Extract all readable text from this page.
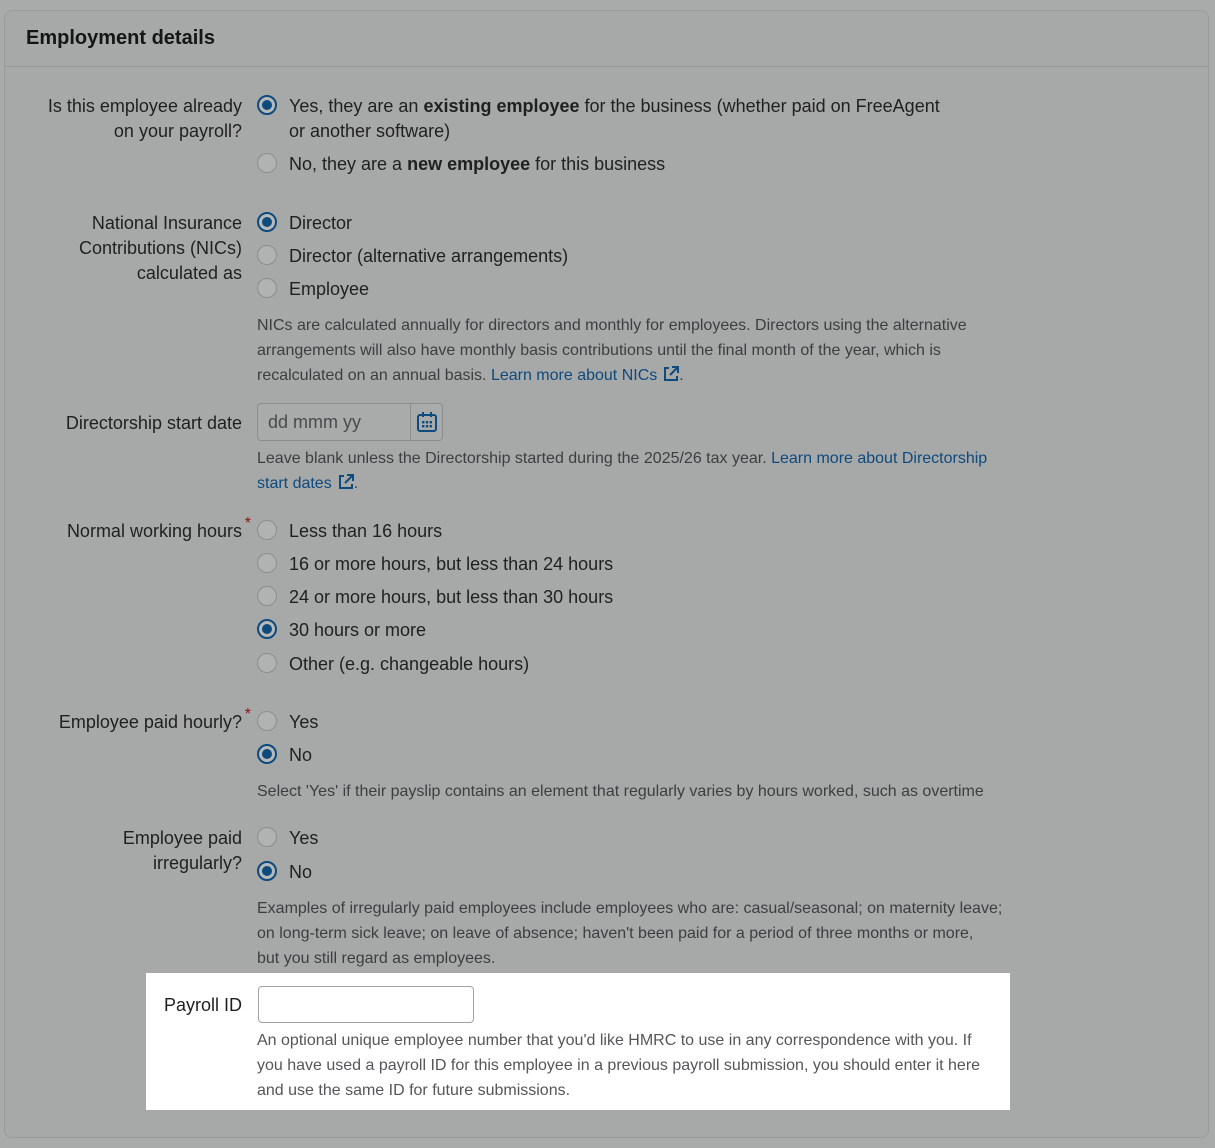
Employment details
Is this employee already
on your payroll?
Yes, they are an existing employee for the business (whether paid on FreeAgent
or another software)
No, they are a new employee for this business
National Insurance
Contributions (NICs)
calculated as
Director
Director (alternative arrangements)
Employee
NICs are calculated annually for directors and monthly for employees. Directors using the alternative
arrangements will also have monthly basis contributions until the final month of the year, which is
recalculated on an annual basis. Learn more about NICs .
Directorship start date
dd mmm yy
Leave blank unless the Directorship started during the 2025/26 tax year. Learn more about Directorship
start dates .
Normal working hours * Less than 16 hours
16 or more hours, but less than 24 hours
24 or more hours, but less than 30 hours
30 hours or more
Other (e.g. changeable hours)
Employee paid hourly? * Yes
No
Select 'Yes' if their payslip contains an element that regularly varies by hours worked, such as overtime
Employee paid
irregularly?
Yes
No
Examples of irregularly paid employees include employees who are: casual/seasonal; on maternity leave;
on long-term sick leave; on leave of absence; haven't been paid for a period of three months or more,
but you still regard as employees.
Payroll ID
An optional unique employee number that you'd like HMRC to use in any correspondence with you. If
you have used a payroll ID for this employee in a previous payroll submission, you should enter it here
and use the same ID for future submissions.
